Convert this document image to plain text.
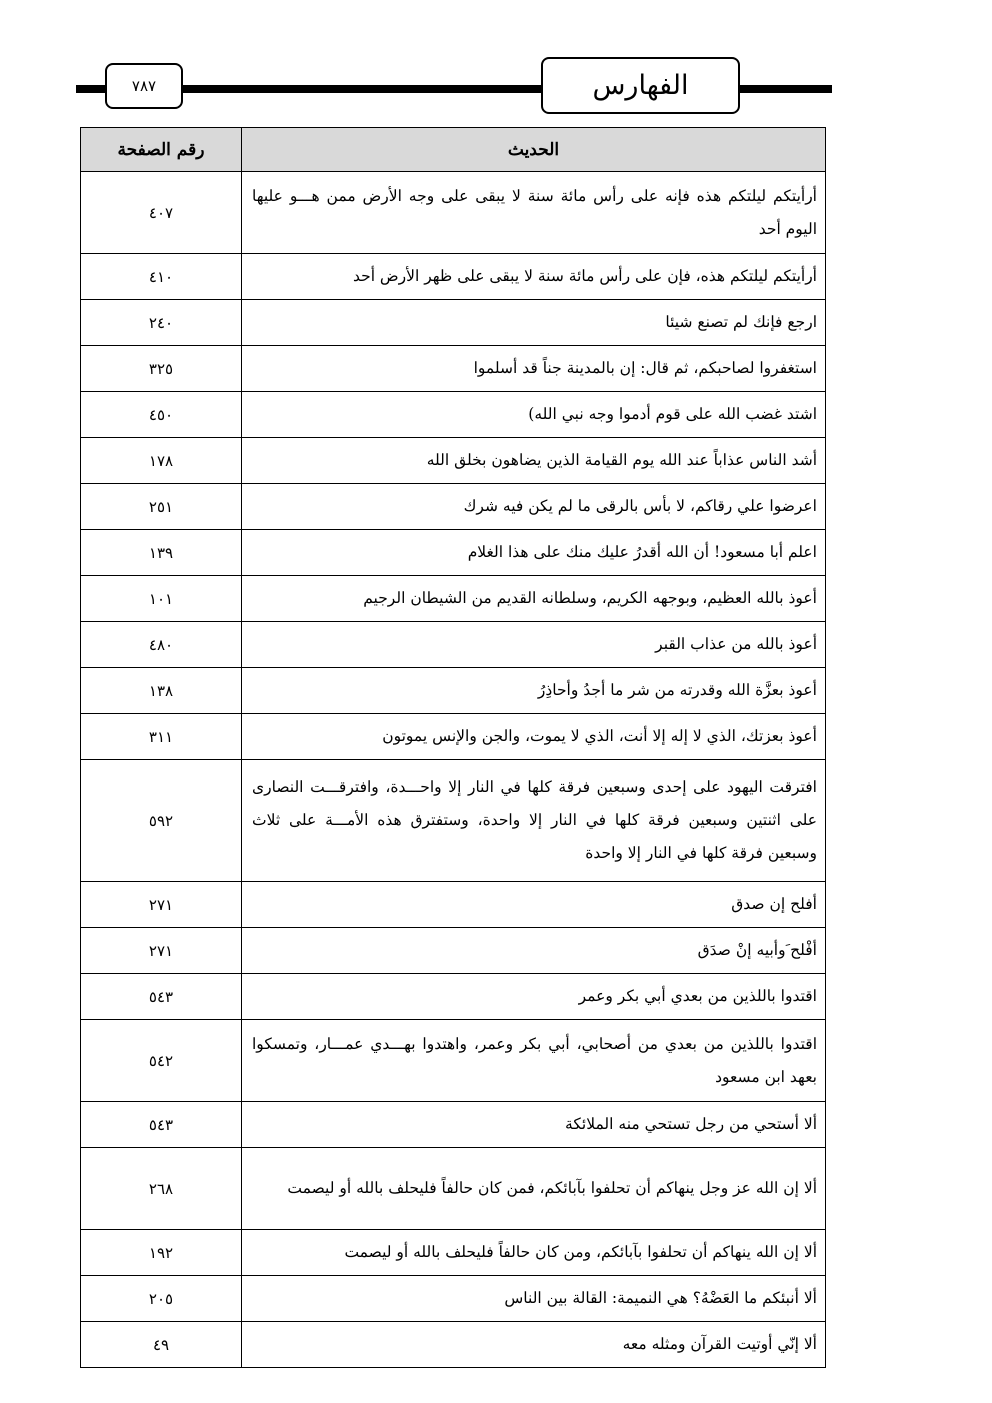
٧٨٧	الفهارس
الحديث	رقم الصفحة
أرأيتكم ليلتكم هذه فإنه على رأس مائة سنة لا يبقى على وجه الأرض ممن هـــو عليها اليوم أحد	٤٠٧
أرأيتكم ليلتكم هذه، فإن على رأس مائة سنة لا يبقى على ظهر الأرض أحد	٤١٠
ارجع فإنك لم تصنع شيئا	٢٤٠
استغفروا لصاحبكم، ثم قال: إن بالمدينة جناً قد أسلموا	٣٢٥
اشتد غضب الله على قوم أدموا وجه نبي الله)	٤٥٠
أشد الناس عذاباً عند الله يوم القيامة الذين يضاهون بخلق الله	١٧٨
اعرضوا علي رقاكم، لا بأس بالرقى ما لم يكن فيه شرك	٢٥١
اعلم أبا مسعود! أن الله أقدرُ عليك منك على هذا الغلام	١٣٩
أعوذ بالله العظيم، وبوجهه الكريم، وسلطانه القديم من الشيطان الرجيم	١٠١
أعوذ بالله من عذاب القبر	٤٨٠
أعوذ بعزَّة الله وقدرته من شر ما أجدُ وأحاذِرُ	١٣٨
أعوذ بعزتك، الذي لا إله إلا أنت، الذي لا يموت، والجن والإنس يموتون	٣١١
افترقت اليهود على إحدى وسبعين فرقة كلها في النار إلا واحـــدة، وافترقـــت النصارى على اثنتين وسبعين فرقة كلها في النار إلا واحدة، وستفترق هذه الأمـــة على ثلاث وسبعين فرقة كلها في النار إلا واحدة	٥٩٢
أفلح إن صدق	٢٧١
أفْلح َوأبيه إنْ صدَق	٢٧١
اقتدوا باللذين من بعدي أبي بكر وعمر	٥٤٣
اقتدوا باللذين من بعدي من أصحابي، أبي بكر وعمر، واهتدوا بهـــدي عمـــار، وتمسكوا بعهد ابن مسعود	٥٤٢
ألا أستحي من رجل تستحي منه الملائكة	٥٤٣
ألا إن الله عز وجل ينهاكم أن تحلفوا بآبائكم، فمن كان حالفاً فليحلف بالله أو ليصمت	٢٦٨
ألا إن الله ينهاكم أن تحلفوا بآبائكم، ومن كان حالفاً فليحلف بالله أو ليصمت	١٩٢
ألا أنبئكم ما العَضْهُ؟ هي النميمة: القالة بين الناس	٢٠٥
ألا إنّي أوتيت القرآن ومثله معه	٤٩
